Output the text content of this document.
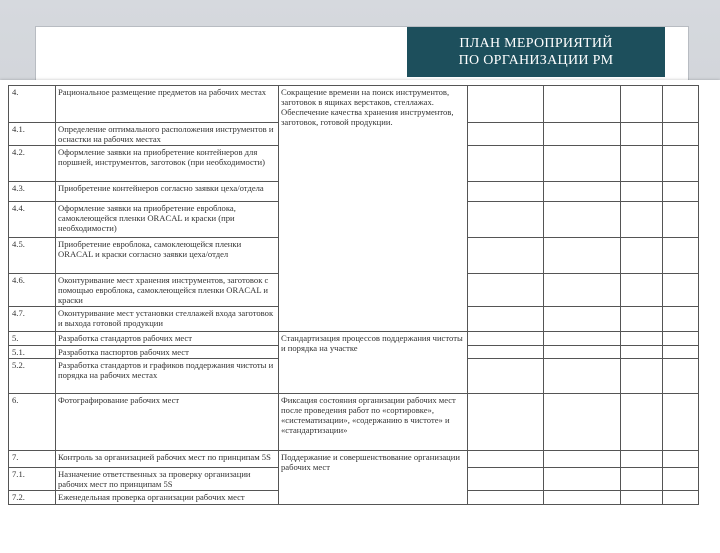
ПЛАН МЕРОПРИЯТИЙ
ПО ОРГАНИЗАЦИИ РМ
4.	Рациональное размещение предметов на рабочих местах	Сокращение времени на поиск инструментов, заготовок в ящиках верстаков, стеллажах. Обеспечение качества хранения инструментов, заготовок, готовой продукции.				
4.1.	Определение оптимального расположения инструментов и оснастки на рабочих местах					
4.2.	Оформление заявки на приобретение контейнеров для поршней, инструментов, заготовок (при необходимости)					
4.3.	Приобретение контейнеров согласно заявки цеха/отдела					
4.4.	Оформление заявки на приобретение евроблока, самоклеющейся пленки ORACAL и краски (при необходимости)					
4.5.	Приобретение евроблока, самоклеющейся пленки ORACAL и краски согласно заявки цеха/отдел					
4.6.	Оконтуривание мест хранения инструментов, заготовок с помощью евроблока, самоклеющейся пленки ORACAL и краски					
4.7.	Оконтуривание мест установки стеллажей входа заготовок и выхода готовой продукции					
5.	Разработка стандартов рабочих мест	Стандартизация процессов поддержания чистоты и порядка на участке				
5.1.	Разработка паспортов рабочих мест					
5.2.	Разработка стандартов и графиков поддержания чистоты и порядка на рабочих местах					
6.	Фотографирование рабочих мест	Фиксация состояния организации рабочих мест после проведения работ по «сортировке», «систематизации», «содержанию в чистоте» и «стандартизации»				
7.	Контроль за организацией рабочих мест по принципам 5S	Поддержание и совершенствование организации рабочих мест				
7.1.	Назначение ответственных за проверку организации рабочих мест по принципам 5S					
7.2.	Еженедельная проверка организации рабочих мест					
